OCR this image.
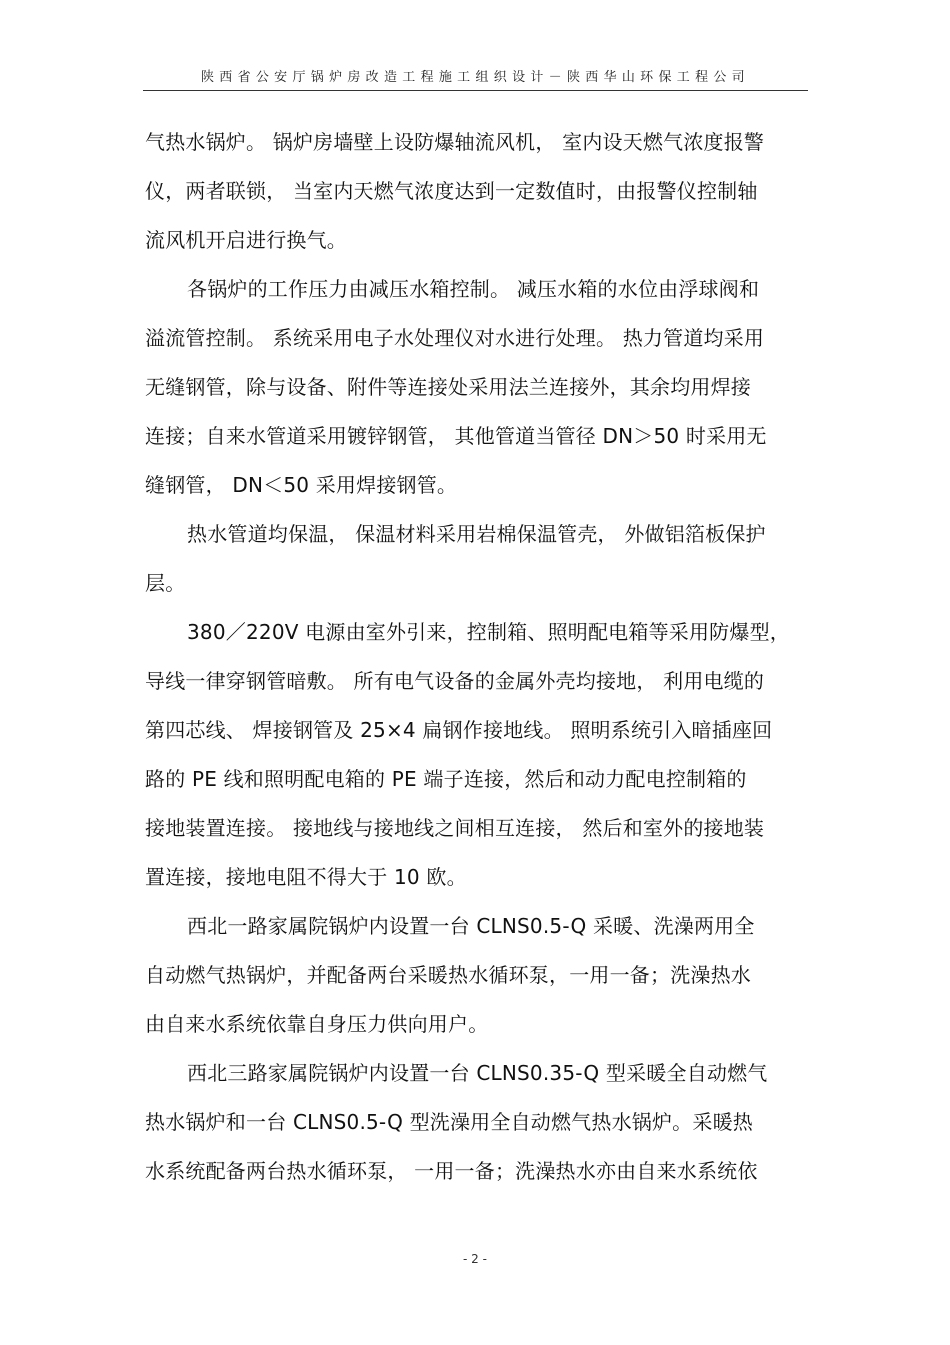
陕西省公安厅锅炉房改造工程施工组织设计－陕西华山环保工程公司
气热水锅炉。 锅炉房墙壁上设防爆轴流风机， 室内设天燃气浓度报警
仪，两者联锁， 当室内天燃气浓度达到一定数值时，由报警仪控制轴
流风机开启进行换气。
各锅炉的工作压力由减压水箱控制。 减压水箱的水位由浮球阀和
溢流管控制。 系统采用电子水处理仪对水进行处理。 热力管道均采用
无缝钢管，除与设备、附件等连接处采用法兰连接外，其余均用焊接
连接；自来水管道采用镀锌钢管， 其他管道当管径 DN＞50 时采用无
缝钢管， DN＜50 采用焊接钢管。
热水管道均保温， 保温材料采用岩棉保温管壳， 外做铝箔板保护
层。
380／220V 电源由室外引来，控制箱、照明配电箱等采用防爆型，
导线一律穿钢管暗敷。 所有电气设备的金属外壳均接地， 利用电缆的
第四芯线、 焊接钢管及 25×4 扁钢作接地线。 照明系统引入暗插座回
路的 PE 线和照明配电箱的 PE 端子连接，然后和动力配电控制箱的
接地装置连接。 接地线与接地线之间相互连接， 然后和室外的接地装
置连接，接地电阻不得大于 10 欧。
西北一路家属院锅炉内设置一台 CLNS0.5-Q 采暖、洗澡两用全
自动燃气热锅炉，并配备两台采暖热水循环泵，一用一备；洗澡热水
由自来水系统依靠自身压力供向用户。
西北三路家属院锅炉内设置一台 CLNS0.35-Q 型采暖全自动燃气
热水锅炉和一台 CLNS0.5-Q 型洗澡用全自动燃气热水锅炉。采暖热
水系统配备两台热水循环泵， 一用一备；洗澡热水亦由自来水系统依
- 2 -
